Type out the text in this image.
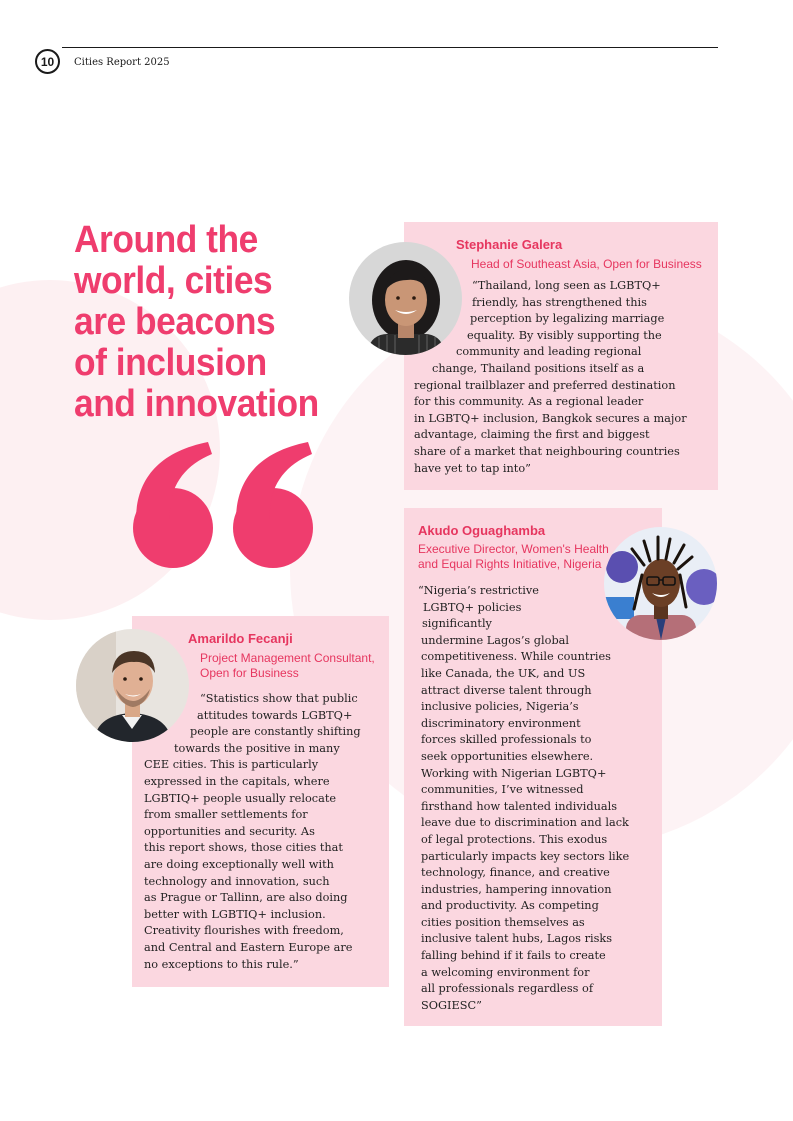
10 Cities Report 2025
Around the
world, cities
are beacons
of inclusion
and innovation

Stephanie Galera

Head of Southeast Asia, Open for Business

“Thailand, long seen as LGBTQ+

friendly, has strengthened this

perception by legalizing marriage

equality. By visibly supporting the

community and leading regional

change, Thailand positions itself as a

regional trailblazer and preferred destination

for this community. As a regional leader

in LGBTQ+ inclusion, Bangkok secures a major

advantage, claiming the first and biggest

share of a market that neighbouring countries

have yet to tap into”

Akudo Oguaghamba

Executive Director, Women's Health

and Equal Rights Initiative, Nigeria

“Nigeria’s restrictive

LGBTQ+ policies

significantly

undermine Lagos’s global

competitiveness. While countries

like Canada, the UK, and US

attract diverse talent through

inclusive policies, Nigeria’s

discriminatory environment

forces skilled professionals to

seek opportunities elsewhere.

Working with Nigerian LGBTQ+

communities, I’ve witnessed

firsthand how talented individuals

leave due to discrimination and lack

of legal protections. This exodus

particularly impacts key sectors like

technology, finance, and creative

industries, hampering innovation

and productivity. As competing

cities position themselves as

inclusive talent hubs, Lagos risks

falling behind if it fails to create

a welcoming environment for

all professionals regardless of

SOGIESC”

Amarildo Fecanji

Project Management Consultant,

Open for Business

“Statistics show that public

attitudes towards LGBTQ+

people are constantly shifting

towards the positive in many

CEE cities. This is particularly

expressed in the capitals, where

LGBTIQ+ people usually relocate

from smaller settlements for

opportunities and security. As

this report shows, those cities that

are doing exceptionally well with

technology and innovation, such

as Prague or Tallinn, are also doing

better with LGBTIQ+ inclusion.

Creativity flourishes with freedom,

and Central and Eastern Europe are

no exceptions to this rule.”
